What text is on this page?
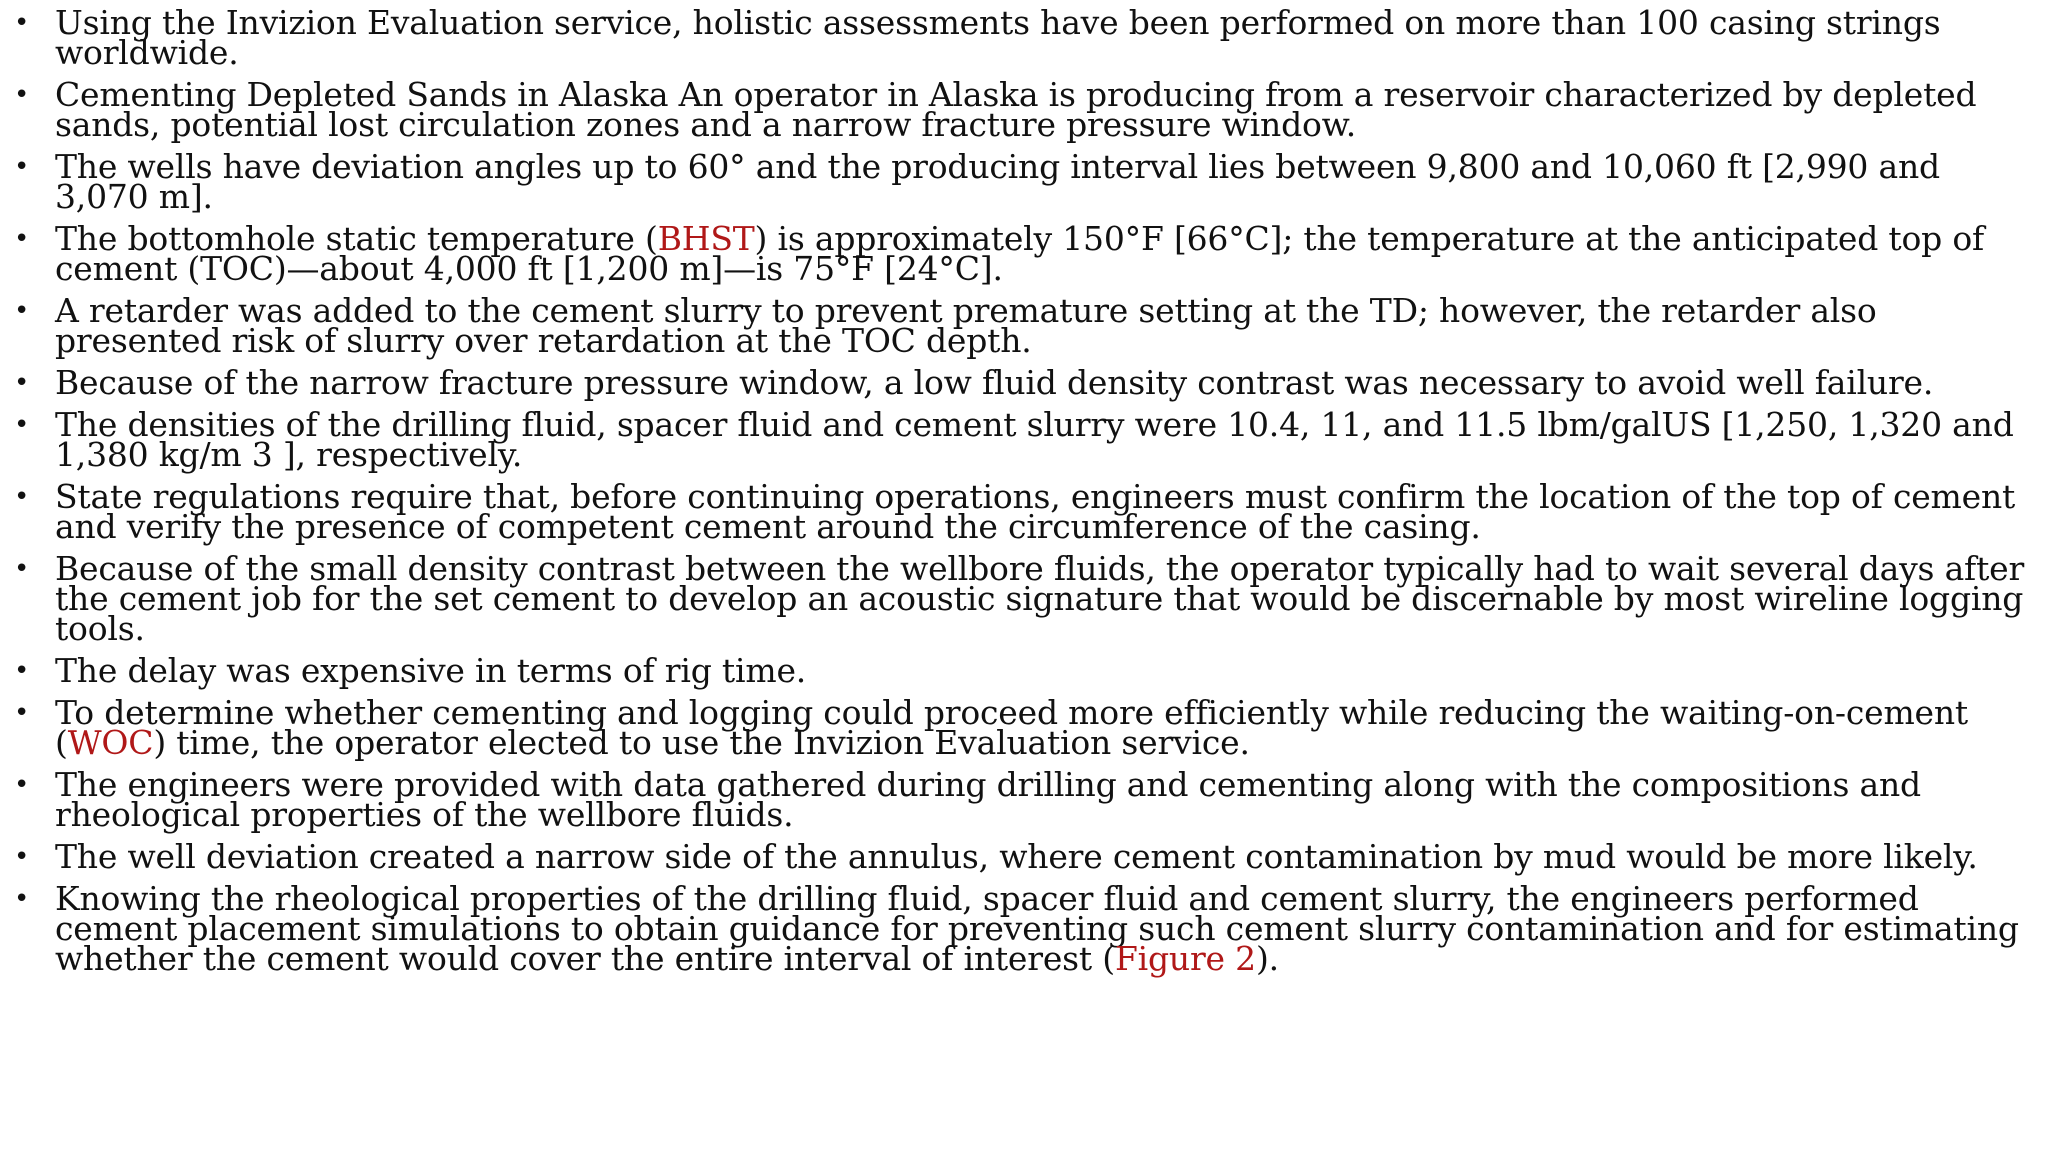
• Using the Invizion Evaluation service, holistic assessments have been performed on more than 100 casing strings worldwide.
• Cementing Depleted Sands in Alaska An operator in Alaska is producing from a reservoir characterized by depleted sands, potential lost circulation zones and a narrow fracture pressure window.
• The wells have deviation angles up to 60° and the producing interval lies between 9,800 and 10,060 ft [2,990 and 3,070 m].
• The bottomhole static temperature (BHST) is approximately 150°F [66°C]; the temperature at the anticipated top of cement (TOC)—about 4,000 ft [1,200 m]—is 75°F [24°C].
• A retarder was added to the cement slurry to prevent premature setting at the TD; however, the retarder also presented risk of slurry over retardation at the TOC depth.
• Because of the narrow fracture pressure window, a low fluid density contrast was necessary to avoid well failure.
• The densities of the drilling fluid, spacer fluid and cement slurry were 10.4, 11, and 11.5 lbm/galUS [1,250, 1,320 and 1,380 kg/m 3 ], respectively.
• State regulations require that, before continuing operations, engineers must confirm the location of the top of cement and verify the presence of competent cement around the circumference of the casing.
• Because of the small density contrast between the wellbore fluids, the operator typically had to wait several days after the cement job for the set cement to develop an acoustic signature that would be discernable by most wireline logging tools.
• The delay was expensive in terms of rig time.
• To determine whether cementing and logging could proceed more efficiently while reducing the waiting-on-cement (WOC) time, the operator elected to use the Invizion Evaluation service.
• The engineers were provided with data gathered during drilling and cementing along with the compositions and rheological properties of the wellbore fluids.
• The well deviation created a narrow side of the annulus, where cement contamination by mud would be more likely.
• Knowing the rheological properties of the drilling fluid, spacer fluid and cement slurry, the engineers performed cement placement simulations to obtain guidance for preventing such cement slurry contamination and for estimating whether the cement would cover the entire interval of interest (Figure 2).
